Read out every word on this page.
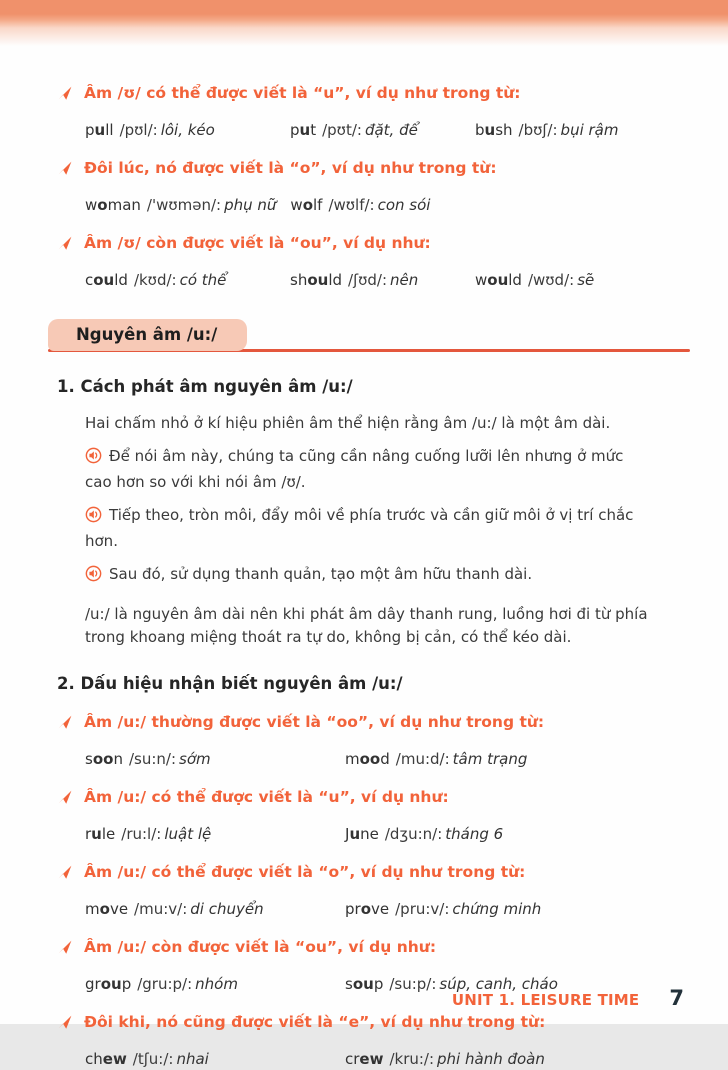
Âm /ʊ/ có thể được viết là “u”, ví dụ như trong từ:
pull /pʊl/: lôi, kéo	put /pʊt/: đặt, để	bush /bʊʃ/: bụi rậm
Đôi lúc, nó được viết là “o”, ví dụ như trong từ:
woman /'wʊmən/: phụ nữ wolf /wʊlf/: con sói
Âm /ʊ/ còn được viết là “ou”, ví dụ như:
could /kʊd/: có thể	should /ʃʊd/: nên	would /wʊd/: sẽ
Nguyên âm /u:/

1. Cách phát âm nguyên âm /u:/

Hai chấm nhỏ ở kí hiệu phiên âm thể hiện rằng âm /u:/ là một âm dài.

Để nói âm này, chúng ta cũng cần nâng cuống lưỡi lên nhưng ở mức cao hơn so với khi nói âm /ʊ/.

Tiếp theo, tròn môi, đẩy môi về phía trước và cần giữ môi ở vị trí chắc hơn.

Sau đó, sử dụng thanh quản, tạo một âm hữu thanh dài.

/u:/ là nguyên âm dài nên khi phát âm dây thanh rung, luồng hơi đi từ phía trong khoang miệng thoát ra tự do, không bị cản, có thể kéo dài.

2. Dấu hiệu nhận biết nguyên âm /u:/

Âm /u:/ thường được viết là “oo”, ví dụ như trong từ:
soon /su:n/: sớm	mood /mu:d/: tâm trạng
Âm /u:/ có thể được viết là “u”, ví dụ như:
rule /ru:l/: luật lệ	June /dʒu:n/: tháng 6
Âm /u:/ có thể được viết là “o”, ví dụ như trong từ:
move /mu:v/: di chuyển	prove /pru:v/: chứng minh
Âm /u:/ còn được viết là “ou”, ví dụ như:
group /gru:p/: nhóm	soup /su:p/: súp, canh, cháo
Đôi khi, nó cũng được viết là “e”, ví dụ như trong từ:
chew /tʃu:/: nhai	crew /kru:/: phi hành đoàn
UNIT 1. LEISURE TIME 7
